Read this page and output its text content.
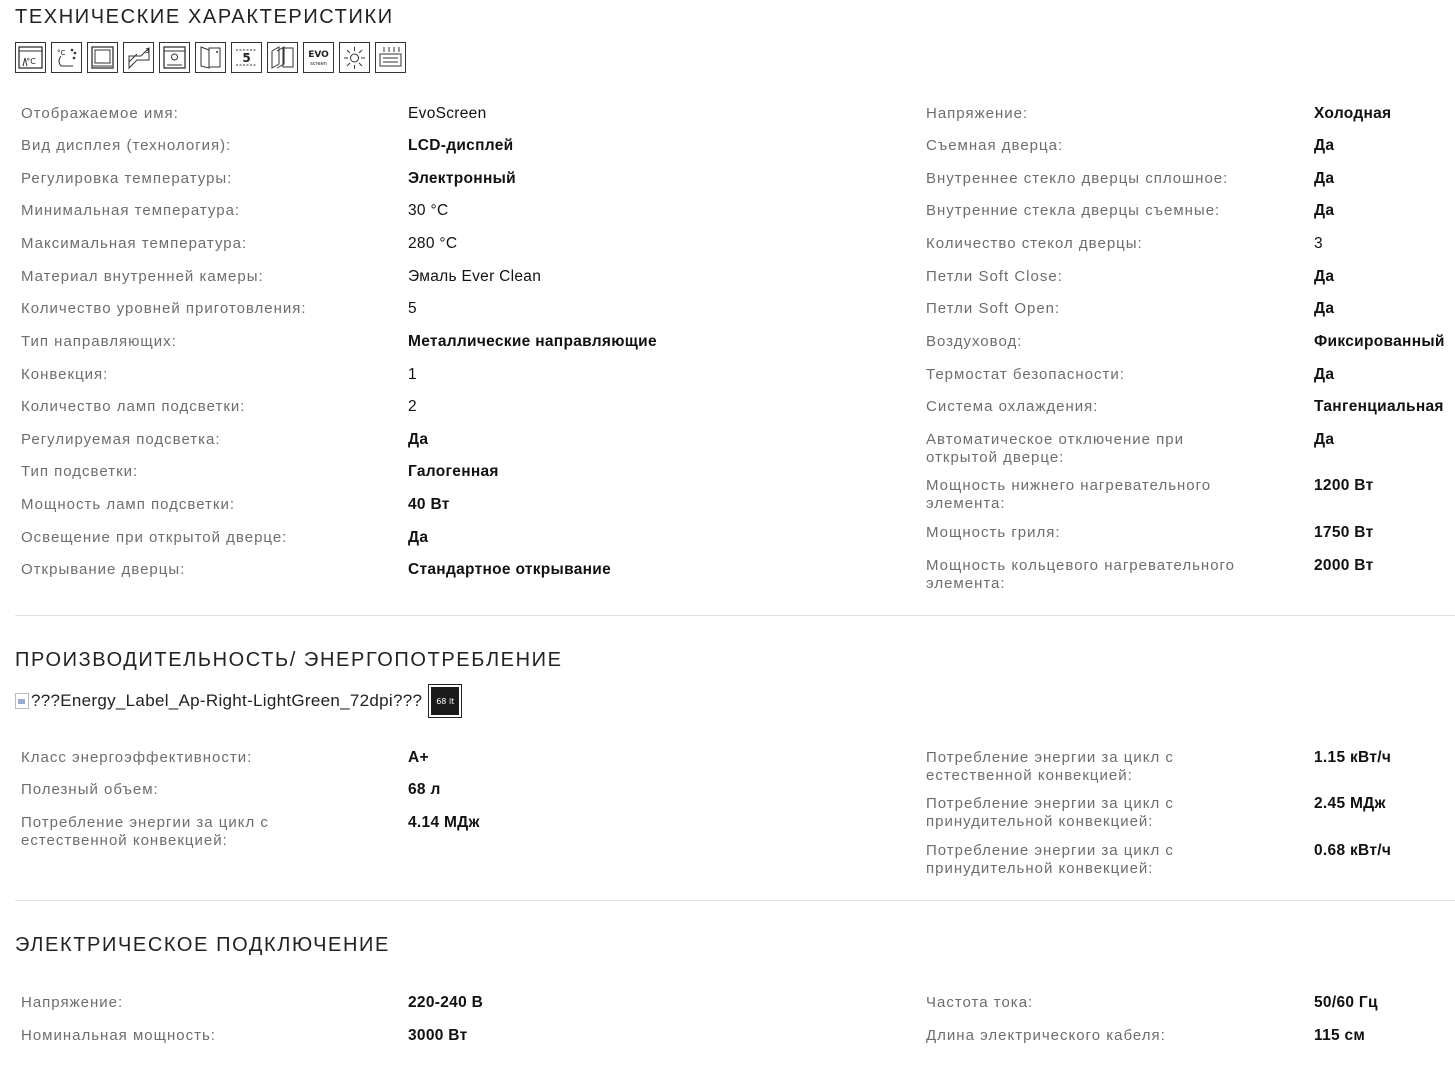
ТЕХНИЧЕСКИЕ ХАРАКТЕРИСТИКИ
°C
°C	3	5	EVO
screen
Отображаемое имя:	EvoScreen
Вид дисплея (технология):	LCD-дисплей
Регулировка температуры:	Электронный
Минимальная температура:	30 °C
Максимальная температура:	280 °C
Материал внутренней камеры:	Эмаль Ever Clean
Количество уровней приготовления:	5
Тип направляющих:	Металлические направляющие
Конвекция:	1
Количество ламп подсветки:	2
Регулируемая подсветка:	Да
Тип подсветки:	Галогенная
Мощность ламп подсветки:	40 Вт
Освещение при открытой дверце:	Да
Открывание дверцы:	Стандартное открывание
Напряжение:	Холодная
Съемная дверца:	Да
Внутреннее стекло дверцы сплошное:	Да
Внутренние стекла дверцы съемные:	Да
Количество стекол дверцы:	3
Петли Soft Close:	Да
Петли Soft Open:	Да
Воздуховод:	Фиксированный
Термостат безопасности:	Да
Система охлаждения:	Тангенциальная
Автоматическое отключение при открытой дверце:
Да
Мощность нижнего нагревательного элемента:
1200 Вт
Мощность гриля:	1750 Вт
Мощность кольцевого нагревательного элемента:
2000 Вт
ПРОИЗВОДИТЕЛЬНОСТЬ/ ЭНЕРГОПОТРЕБЛЕНИЕ
???Energy_Label_Ap-Right-LightGreen_72dpi???	68 lt
Класс энергоэффективности:	A+
Полезный объем:	68 л
Потребление энергии за цикл с естественной конвекцией:
4.14 МДж
Потребление энергии за цикл с естественной конвекцией:
1.15 кВт/ч
Потребление энергии за цикл с принудительной конвекцией:
2.45 МДж
Потребление энергии за цикл с принудительной конвекцией:
0.68 кВт/ч
ЭЛЕКТРИЧЕСКОЕ ПОДКЛЮЧЕНИЕ
Напряжение:	220-240 В
Номинальная мощность:	3000 Вт
Частота тока:	50/60 Гц
Длина электрического кабеля:	115 см
